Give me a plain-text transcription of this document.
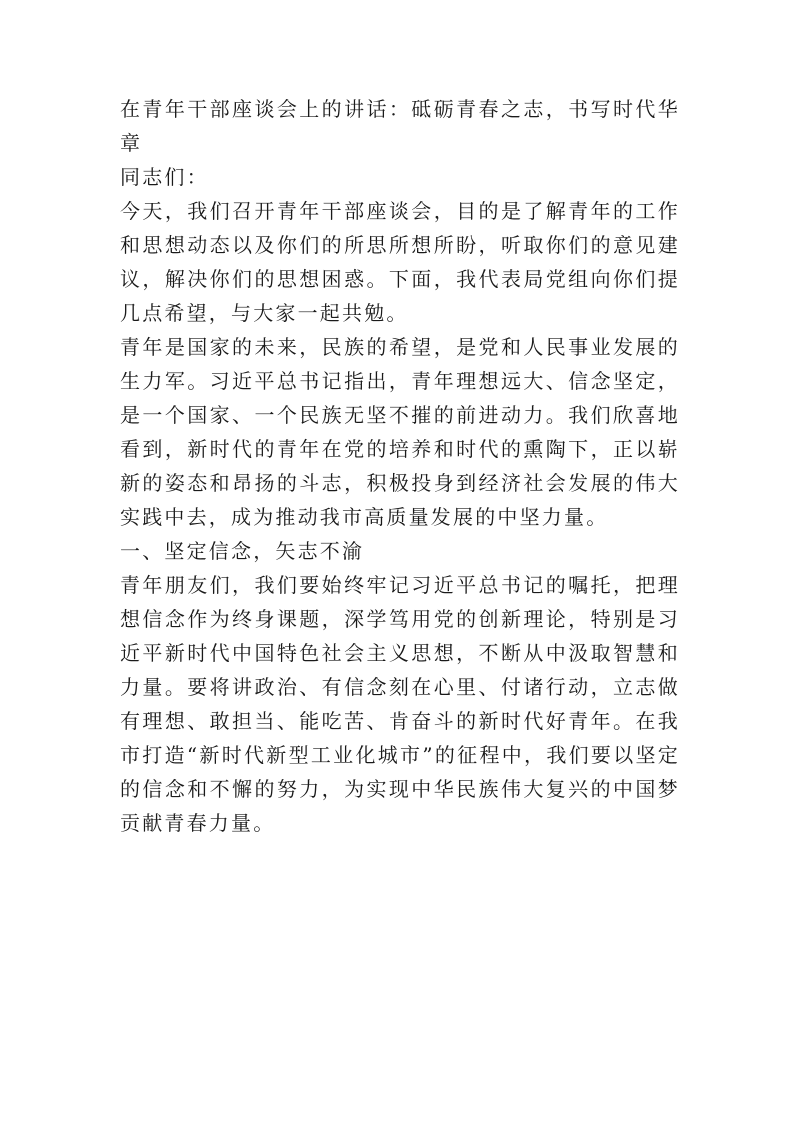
在青年干部座谈会上的讲话：砥砺青春之志，书写时代华章

同志们：

今天，我们召开青年干部座谈会，目的是了解青年的工作和思想动态以及你们的所思所想所盼，听取你们的意见建议，解决你们的思想困惑。下面，我代表局党组向你们提几点希望，与大家一起共勉。

青年是国家的未来，民族的希望，是党和人民事业发展的生力军。习近平总书记指出，青年理想远大、信念坚定，是一个国家、一个民族无坚不摧的前进动力。我们欣喜地看到，新时代的青年在党的培养和时代的熏陶下，正以崭新的姿态和昂扬的斗志，积极投身到经济社会发展的伟大实践中去，成为推动我市高质量发展的中坚力量。

一、坚定信念，矢志不渝

青年朋友们，我们要始终牢记习近平总书记的嘱托，把理想信念作为终身课题，深学笃用党的创新理论，特别是习近平新时代中国特色社会主义思想，不断从中汲取智慧和力量。要将讲政治、有信念刻在心里、付诸行动，立志做有理想、敢担当、能吃苦、肯奋斗的新时代好青年。在我市打造“新时代新型工业化城市”的征程中，我们要以坚定的信念和不懈的努力，为实现中华民族伟大复兴的中国梦贡献青春力量。
